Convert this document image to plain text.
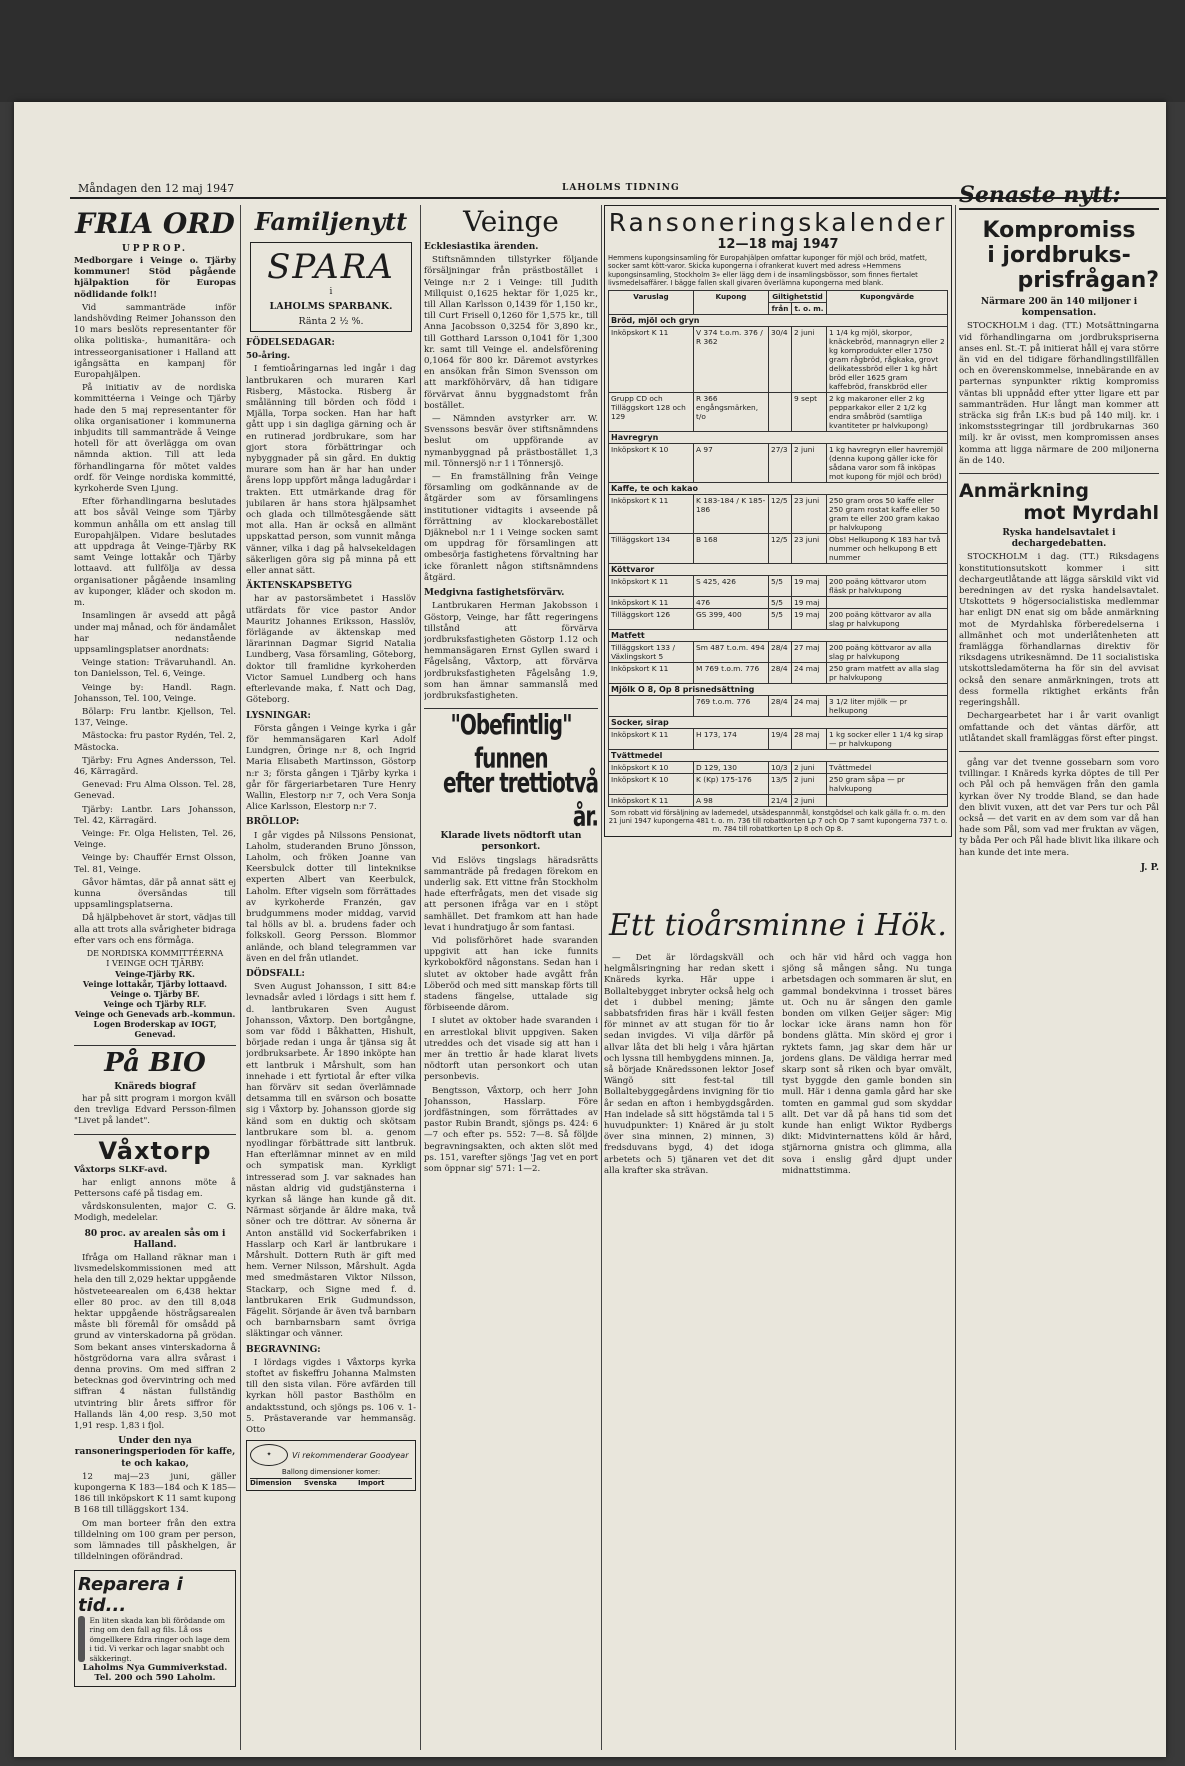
Måndagen den 12 maj 1947	LAHOLMS TIDNING
FRIA ORD
UPPROP.

Medborgare i Veinge o. Tjärby kommuner! Stöd pågående hjälpaktion för Europas nödlidande folk!!

Vid sammanträde inför landshövding Reimer Johansson den 10 mars beslöts representanter för olika politiska-, humanitära- och intresseorganisationer i Halland att igångsätta en kampanj för Europahjälpen.

På initiativ av de nordiska kommittéerna i Veinge och Tjärby hade den 5 maj representanter för olika organisationer i kommunerna inbjudits till sammanträde å Veinge hotell för att överlägga om ovan nämnda aktion. Till att leda förhandlingarna för mötet valdes ordf. för Veinge nordiska kommitté, kyrkoherde Sven Ljung.

Efter förhandlingarna beslutades att bos såväl Veinge som Tjärby kommun anhålla om ett anslag till Europahjälpen. Vidare beslutades att uppdraga åt Veinge-Tjärby RK samt Veinge lottakår och Tjärby lottaavd. att fullfölja av dessa organisationer pågående insamling av kuponger, kläder och skodon m. m.

Insamlingen är avsedd att pågå under maj månad, och för ändamålet har nedanstående uppsamlingsplatser anordnats:

Veinge station: Trävaruhandl. An. ton Danielsson, Tel. 6, Veinge.

Veinge by: Handl. Ragn. Johansson, Tel. 100, Veinge.

Bölarp: Fru lantbr. Kjellson, Tel. 137, Veinge.

Mästocka: fru pastor Rydén, Tel. 2, Mästocka.

Tjärby: Fru Agnes Andersson, Tel. 46, Kärragärd.

Genevad: Fru Alma Olsson. Tel. 28, Genevad.

Tjärby: Lantbr. Lars Johansson, Tel. 42, Kärragärd.

Veinge: Fr. Olga Helisten, Tel. 26, Veinge.

Veinge by: Chauffér Ernst Olsson, Tel. 81, Veinge.

Gåvor hämtas, där på annat sätt ej kunna översändas till uppsamlingsplatserna.

Då hjälpbehovet är stort, vädjas till alla att trots alla svårigheter bidraga efter vars och ens förmåga.

DE NORDISKA KOMMITTÉERNA
I VEINGE OCH TJÄRBY:
Veinge-Tjärby RK.
Veinge lottakår, Tjärby lottaavd.
Veinge o. Tjärby BF.
Veinge och Tjärby RLF.
Veinge och Genevads arb.-kommun.
Logen Broderskap av IOGT, Genevad.
På BIO
Knäreds biograf

har på sitt program i morgon kväll den trevliga Edvard Persson-filmen "Livet på landet".

Våxtorp

Våxtorps SLKF-avd.

har enligt annons möte å Pettersons café på tisdag em.

vårdskonsulenten, major C. G. Modigh, medelelar.

80 proc. av arealen sås om i Halland.

Ifråga om Halland räknar man i livsmedelskommissionen med att hela den till 2,029 hektar uppgående höstveteearealen om 6,438 hektar eller 80 proc. av den till 8,048 hektar uppgående höstrågsarealen måste bli föremål för omsådd på grund av vinterskadorna på grödan. Som bekant anses vinterskadorna å höstgrödorna vara allra svårast i denna provins. Om med siffran 2 betecknas god övervintring och med siffran 4 nästan fullständig utvintring blir årets siffror för Hallands län 4,00 resp. 3,50 mot 1,91 resp. 1,83 i fjol.

Under den nya ransoneringsperioden för kaffe, te och kakao,

12 maj—23 juni, gäller kupongerna K 183—184 och K 185—186 till inköpskort K 11 samt kupong B 168 till tilläggskort 134.

Om man borteer från den extra tilldelning om 100 gram per person, som lämnades till påskhelgen, är tilldelningen oförändrad.

Reparera i tid...
En liten skada kan bli förödande om ring om den fall ag fils. Lå oss ömgellkere Edra ringer och lage dem i tid. Vi verkar och lagar snabbt och säkkeringt.
Laholms Nya Gummiverkstad.
Tel. 200 och 590 Laholm.
Familjenytt
SPARA
i
LAHOLMS SPARBANK.
Ränta 2 ½ %.
FÖDELSEDAGAR:

50-åring.

I femtioåringarnas led ingår i dag lantbrukaren och muraren Karl Risberg, Mästocka. Risberg är smålänning till börden och född i Mjälla, Torpa socken. Han har haft gått upp i sin dagliga gärning och är en rutinerad jordbrukare, som har gjort stora förbättringar och nybyggnader på sin gård. En duktig murare som han är har han under årens lopp uppfört många ladugårdar i trakten. Ett utmärkande drag för jubilaren är hans stora hjälpsamhet och glada och tillmötesgående sätt mot alla. Han är också en allmänt uppskattad person, som vunnit många vänner, vilka i dag på halvsekeldagen säkerligen göra sig på minna på ett eller annat sätt.

ÄKTENSKAPSBETYG

har av pastorsämbetet i Hasslöv utfärdats för vice pastor Andor Mauritz Johannes Eriksson, Hasslöv, förlägande av äktenskap med lärarinnan Dagmar Sigrid Natalia Lundberg, Vasa församling, Göteborg, doktor till framlidne kyrkoherden Victor Samuel Lundberg och hans efterlevande maka, f. Natt och Dag, Göteborg.

LYSNINGAR:

Första gången i Veinge kyrka i går för hemmansägaren Karl Adolf Lundgren, Öringe n:r 8, och Ingrid Maria Elisabeth Martinsson, Göstorp n:r 3; första gången i Tjärby kyrka i går för färgeriarbetaren Ture Henry Wallin, Elestorp n:r 7, och Vera Sonja Alice Karlsson, Elestorp n:r 7.

BRÖLLOP:

I går vigdes på Nilssons Pensionat, Laholm, studeranden Bruno Jönsson, Laholm, och fröken Joanne van Keersbulck dotter till linteknikse experten Albert van Keerbulck, Laholm. Efter vigseln som förrättades av kyrkoherde Franzén, gav brudgummens moder middag, varvid tal hölls av bl. a. brudens fader och folkskoll. Georg Persson. Blommor anlände, och bland telegrammen var även en del från utlandet.

DÖDSFALL:

Sven August Johansson, I sitt 84:e levnadsår avled i lördags i sitt hem f. d. lantbrukaren Sven August Johansson, Våxtorp. Den bortgångne, som var född i Båkhatten, Hishult, började redan i unga år tjänsa sig åt jordbruksarbete. År 1890 inköpte han ett lantbruk i Mårshult, som han innehade i ett fyrtiotal år efter vilka han förvärv sit sedan överlämnade detsamma till en svärson och bosatte sig i Våxtorp by. Johansson gjorde sig känd som en duktig och skötsam lantbrukare som bl. a. genom nyodlingar förbättrade sitt lantbruk. Han efterlämnar minnet av en mild och sympatisk man. Kyrkligt intresserad som J. var saknades han nästan aldrig vid gudstjänsterna i kyrkan så länge han kunde gå dit. Närmast sörjande är äldre maka, två söner och tre döttrar. Av sönerna är Anton anställd vid Sockerfabriken i Hasslarp och Karl är lantbrukare i Mårshult. Dottern Ruth är gift med hem. Verner Nilsson, Mårshult. Agda med smedmästaren Viktor Nilsson, Stackarp, och Signe med f. d. lantbrukaren Erik Gudmundsson, Fägelit. Sörjande är även två barnbarn och barnbarnsbarn samt övriga släktingar och vänner.

BEGRAVNING:

I lördags vigdes i Våxtorps kyrka stoftet av fiskeffru Johanna Malmsten till den sista vilan. Före avfärden till kyrkan höll pastor Basthölm en andaktsstund, och sjöngs ps. 106 v. 1-5. Prästaverande var hemmansäg. Otto

✦	Vi rekommenderar Goodyear
Ballong dimensioner komer:
Dimension	Svenska	Import
Veinge
Ecklesiastika ärenden.

Stiftsnämnden tillstyrker följande försäljningar från prästbostället i Veinge n:r 2 i Veinge: till Judith Millquist 0,1625 hektar för 1,025 kr., till Allan Karlsson 0,1439 för 1,150 kr., till Curt Frisell 0,1260 för 1,575 kr., till Anna Jacobsson 0,3254 för 3,890 kr., till Gotthard Larsson 0,1041 för 1,300 kr. samt till Veinge el. andelsförening 0,1064 för 800 kr. Däremot avstyrkes en ansökan från Simon Svensson om att markföhörvärv, då han tidigare förvärvat ännu byggnadstomt från bostället.

— Nämnden avstyrker arr. W. Svenssons besvär över stiftsnämndens beslut om uppförande av nymanbyggnad på prästbostället 1,3 mil. Tönnersjö n:r 1 i Tönnersjö.

— En framställning från Veinge församling om godkännande av de åtgärder som av församlingens institutioner vidtagits i avseende på förrättning av klockarebostället Djäknebol n:r 1 i Veinge socken samt om uppdrag för församlingen att ombesörja fastighetens förvaltning har icke föranlett någon stiftsnämndens åtgärd.

Medgivna fastighetsförvärv.

Lantbrukaren Herman Jakobsson i Göstorp, Veinge, har fått regeringens tillstånd att förvärva jordbruksfastigheten Göstorp 1.12 och hemmansägaren Ernst Gyllen sward i Fågelsång, Våxtorp, att förvärva jordbruksfastigheten Fågelsång 1.9, som han ämnar sammanslå med jordbruksfastigheten.

"Obefintlig" funnen
efter trettiotvå år.
Klarade livets nödtorft utan personkort.

Vid Eslövs tingslags häradsrätts sammanträde på fredagen förekom en underlig sak. Ett vittne från Stockholm hade efterfrågats, men det visade sig att personen ifråga var en i stöpt samhället. Det framkom att han hade levat i hundratjugo år som fantasi.

Vid polisförhöret hade svaranden uppgivit att han icke funnits kyrkobokförd någonstans. Sedan han i slutet av oktober hade avgått från Löberöd och med sitt manskap förts till stadens fängelse, uttalade sig förbiseende därom.

I slutet av oktober hade svaranden i en arrestlokal blivit uppgiven. Saken utreddes och det visade sig att han i mer än trettio år hade klarat livets nödtorft utan personkort och utan personbevis.

Bengtsson, Våxtorp, och herr John Johansson, Hasslarp. Före jordfästningen, som förrättades av pastor Rubin Brandt, sjöngs ps. 424: 6—7 och efter ps. 552: 7—8. Så följde begravningsakten, och akten slöt med ps. 151, varefter sjöngs 'Jag vet en port som öppnar sig' 571: 1—2.

Ransoneringskalender
12—18 maj 1947
Hemmens kupongsinsamling för Europahjälpen omfattar kuponger för mjöl och bröd, matfett, socker samt kött-varor. Skicka kupongerna i ofrankerat kuvert med adress »Hemmens kupongsinsamling, Stockholm 3» eller lägg dem i de insamlingsbössor, som finnes fiertalet livsmedelsaffärer. I bägge fallen skall givaren överlämna kupongerna med blank.
Varuslag	Kupong	Giltighetstid		Kupongvärde
		från	t. o. m.	
Bröd, mjöl och gryn				
Inköpskort K 11	V 374 t.o.m. 376 / R 362	30/4	2 juni	1 1/4 kg mjöl, skorpor, knäckebröd, mannagryn eller 2 kg kornprodukter eller 1750 gram rågbröd, rågkaka, grovt delikatessbröd eller 1 kg hårt bröd eller 1625 gram kaffebröd, franskbröd eller
Grupp CD och Tilläggskort 128 och 129	R 366 engångsmärken, t/o		9 sept	2 kg makaroner eller 2 kg pepparkakor eller 2 1/2 kg endra småbröd (samtliga kvantiteter pr halvkupong)
Havregryn				
Inköpskort K 10	A 97	27/3	2 juni	1 kg havregryn eller havremjöl (denna kupong gäller icke för sådana varor som få inköpas mot kupong för mjöl och bröd)
Kaffe, te och kakao				
Inköpskort K 11	K 183-184 / K 185-186	12/5	23 juni	250 gram oros 50 kaffe eller 250 gram rostat kaffe eller 50 gram te eller 200 gram kakao pr halvkupong
Tilläggskort 134	B 168	12/5	23 juni	Obs! Helkupong K 183 har två nummer och helkupong B ett nummer
Köttvaror				
Inköpskort K 11	S 425, 426	5/5	19 maj	200 poäng köttvaror utom fläsk pr halvkupong
Inköpskort K 11	476	5/5	19 maj	
Tilläggskort 126	GS 399, 400	5/5	19 maj	200 poäng köttvaror av alla slag pr halvkupong
Matfett				
Tilläggskort 133 / Växlingskort 5	Sm 487 t.o.m. 494	28/4	27 maj	200 poäng köttvaror av alla slag pr halvkupong
Inköpskort K 11	M 769 t.o.m. 776	28/4	24 maj	250 gram matfett av alla slag pr halvkupong
Mjölk O 8, Op 8 prisnedsättning				
	769 t.o.m. 776	28/4	24 maj	3 1/2 liter mjölk — pr helkupong
Socker, sirap				
Inköpskort K 11	H 173, 174	19/4	28 maj	1 kg socker eller 1 1/4 kg sirap — pr halvkupong
Tvättmedel				
Inköpskort K 10	D 129, 130	10/3	2 juni	Tvättmedel
Inköpskort K 10	K (Kp) 175-176	13/5	2 juni	250 gram såpa — pr halvkupong
Inköpskort K 11	A 98	21/4	2 juni	
Som robatt vid försäljning av lademedel, utsädespannmål, konstgödsel och kalk gälla fr. o. m. den 21 juni 1947 kupongerna 481 t. o. m. 736 till robattkorten Lp 7 och Op 7 samt kupongerna 737 t. o. m. 784 till robattkorten Lp 8 och Op 8.
Ett tioårsminne i Hök.

— Det är lördagskväll och helgmålsringning har redan skett i Knäreds kyrka. Här uppe i Bollaltebygget inbryter också helg och det i dubbel mening; jämte sabbatsfriden firas här i kväll festen för minnet av att stugan för tio år sedan invigdes. Vi vilja därför på allvar låta det bli helg i våra hjärtan och lyssna till hembygdens minnen. Ja, så började Knäredssonen lektor Josef Wängö sitt fest-tal till Bollaltebyggegårdens invigning för tio år sedan en afton i hembygdsgården. Han indelade så sitt högstämda tal i 5 huvudpunkter: 1) Knäred är ju stolt över sina minnen, 2) minnen, 3) fredsduvans bygd, 4) det idoga arbetets och 5) tjänaren vet det dit alla krafter ska strävan.

och här vid hård och vagga hon sjöng så mången sång. Nu tunga arbetsdagen och sommaren är slut, en gammal bondekvinna i trosset bäres ut. Och nu är sången den gamle bonden om vilken Geijer säger: Mig lockar icke ärans namn hon för bondens glätta. Min skörd ej gror i ryktets famn, jag skar dem här ur jordens glans. De väldiga herrar med skarp sont så riken och byar omvält, tyst byggde den gamle bonden sin mull. Här i denna gamla gård har ske tomten en gammal gud som skyddar allt. Det var då på hans tid som det kunde han enligt Wiktor Rydbergs dikt: Midvinternattens köld är hård, stjärnorna gnistra och glimma, alla sova i enslig gård djupt under midnattstimma.

Senaste nytt:
Kompromiss
i jordbruks-
prisfrågan?
Närmare 200 än 140 miljoner i kompensation.

STOCKHOLM i dag. (TT.) Motsättningarna vid förhandlingarna om jordbrukspriserna anses enl. St.-T. på initierat håll ej vara större än vid en del tidigare förhandlingstillfällen och en överenskommelse, innebärande en av parternas synpunkter riktig kompromiss väntas bli uppnådd efter ytter ligare ett par sammanträden. Hur långt man kommer att sträcka sig från LK:s bud på 140 milj. kr. i inkomstsstegringar till jordbrukarnas 360 milj. kr är ovisst, men kompromissen anses komma att ligga närmare de 200 miljonerna än de 140.

Anmärkning
mot Myrdahl
Ryska handelsavtalet i dechargedebatten.

STOCKHOLM i dag. (TT.) Riksdagens konstitutionsutskott kommer i sitt dechargeutlåtande att lägga särskild vikt vid beredningen av det ryska handelsavtalet. Utskottets 9 högersocialistiska medlemmar har enligt DN enat sig om både anmärkning mot de Myrdahlska förberedelserna i allmänhet och mot underlåtenheten att framlägga förhandlarnas direktiv för riksdagens utrikesnämnd. De 11 socialistiska utskottsledamöterna ha för sin del avvisat också den senare anmärkningen, trots att dess formella riktighet erkänts från regeringshåll.

Dechargearbetet har i år varit ovanligt omfattande och det väntas därför, att utlåtandet skall framläggas först efter pingst.

gång var det tvenne gossebarn som voro tvillingar. I Knäreds kyrka döptes de till Per och Pål och på hemvägen från den gamla kyrkan över Ny trodde Bland, se dan hade den blivit vuxen, att det var Pers tur och Pål också — det varit en av dem som var då han hade som Pål, som vad mer fruktan av vägen, ty båda Per och Pål hade blivit lika ilikare och han kunde det inte mera.

J. P.
